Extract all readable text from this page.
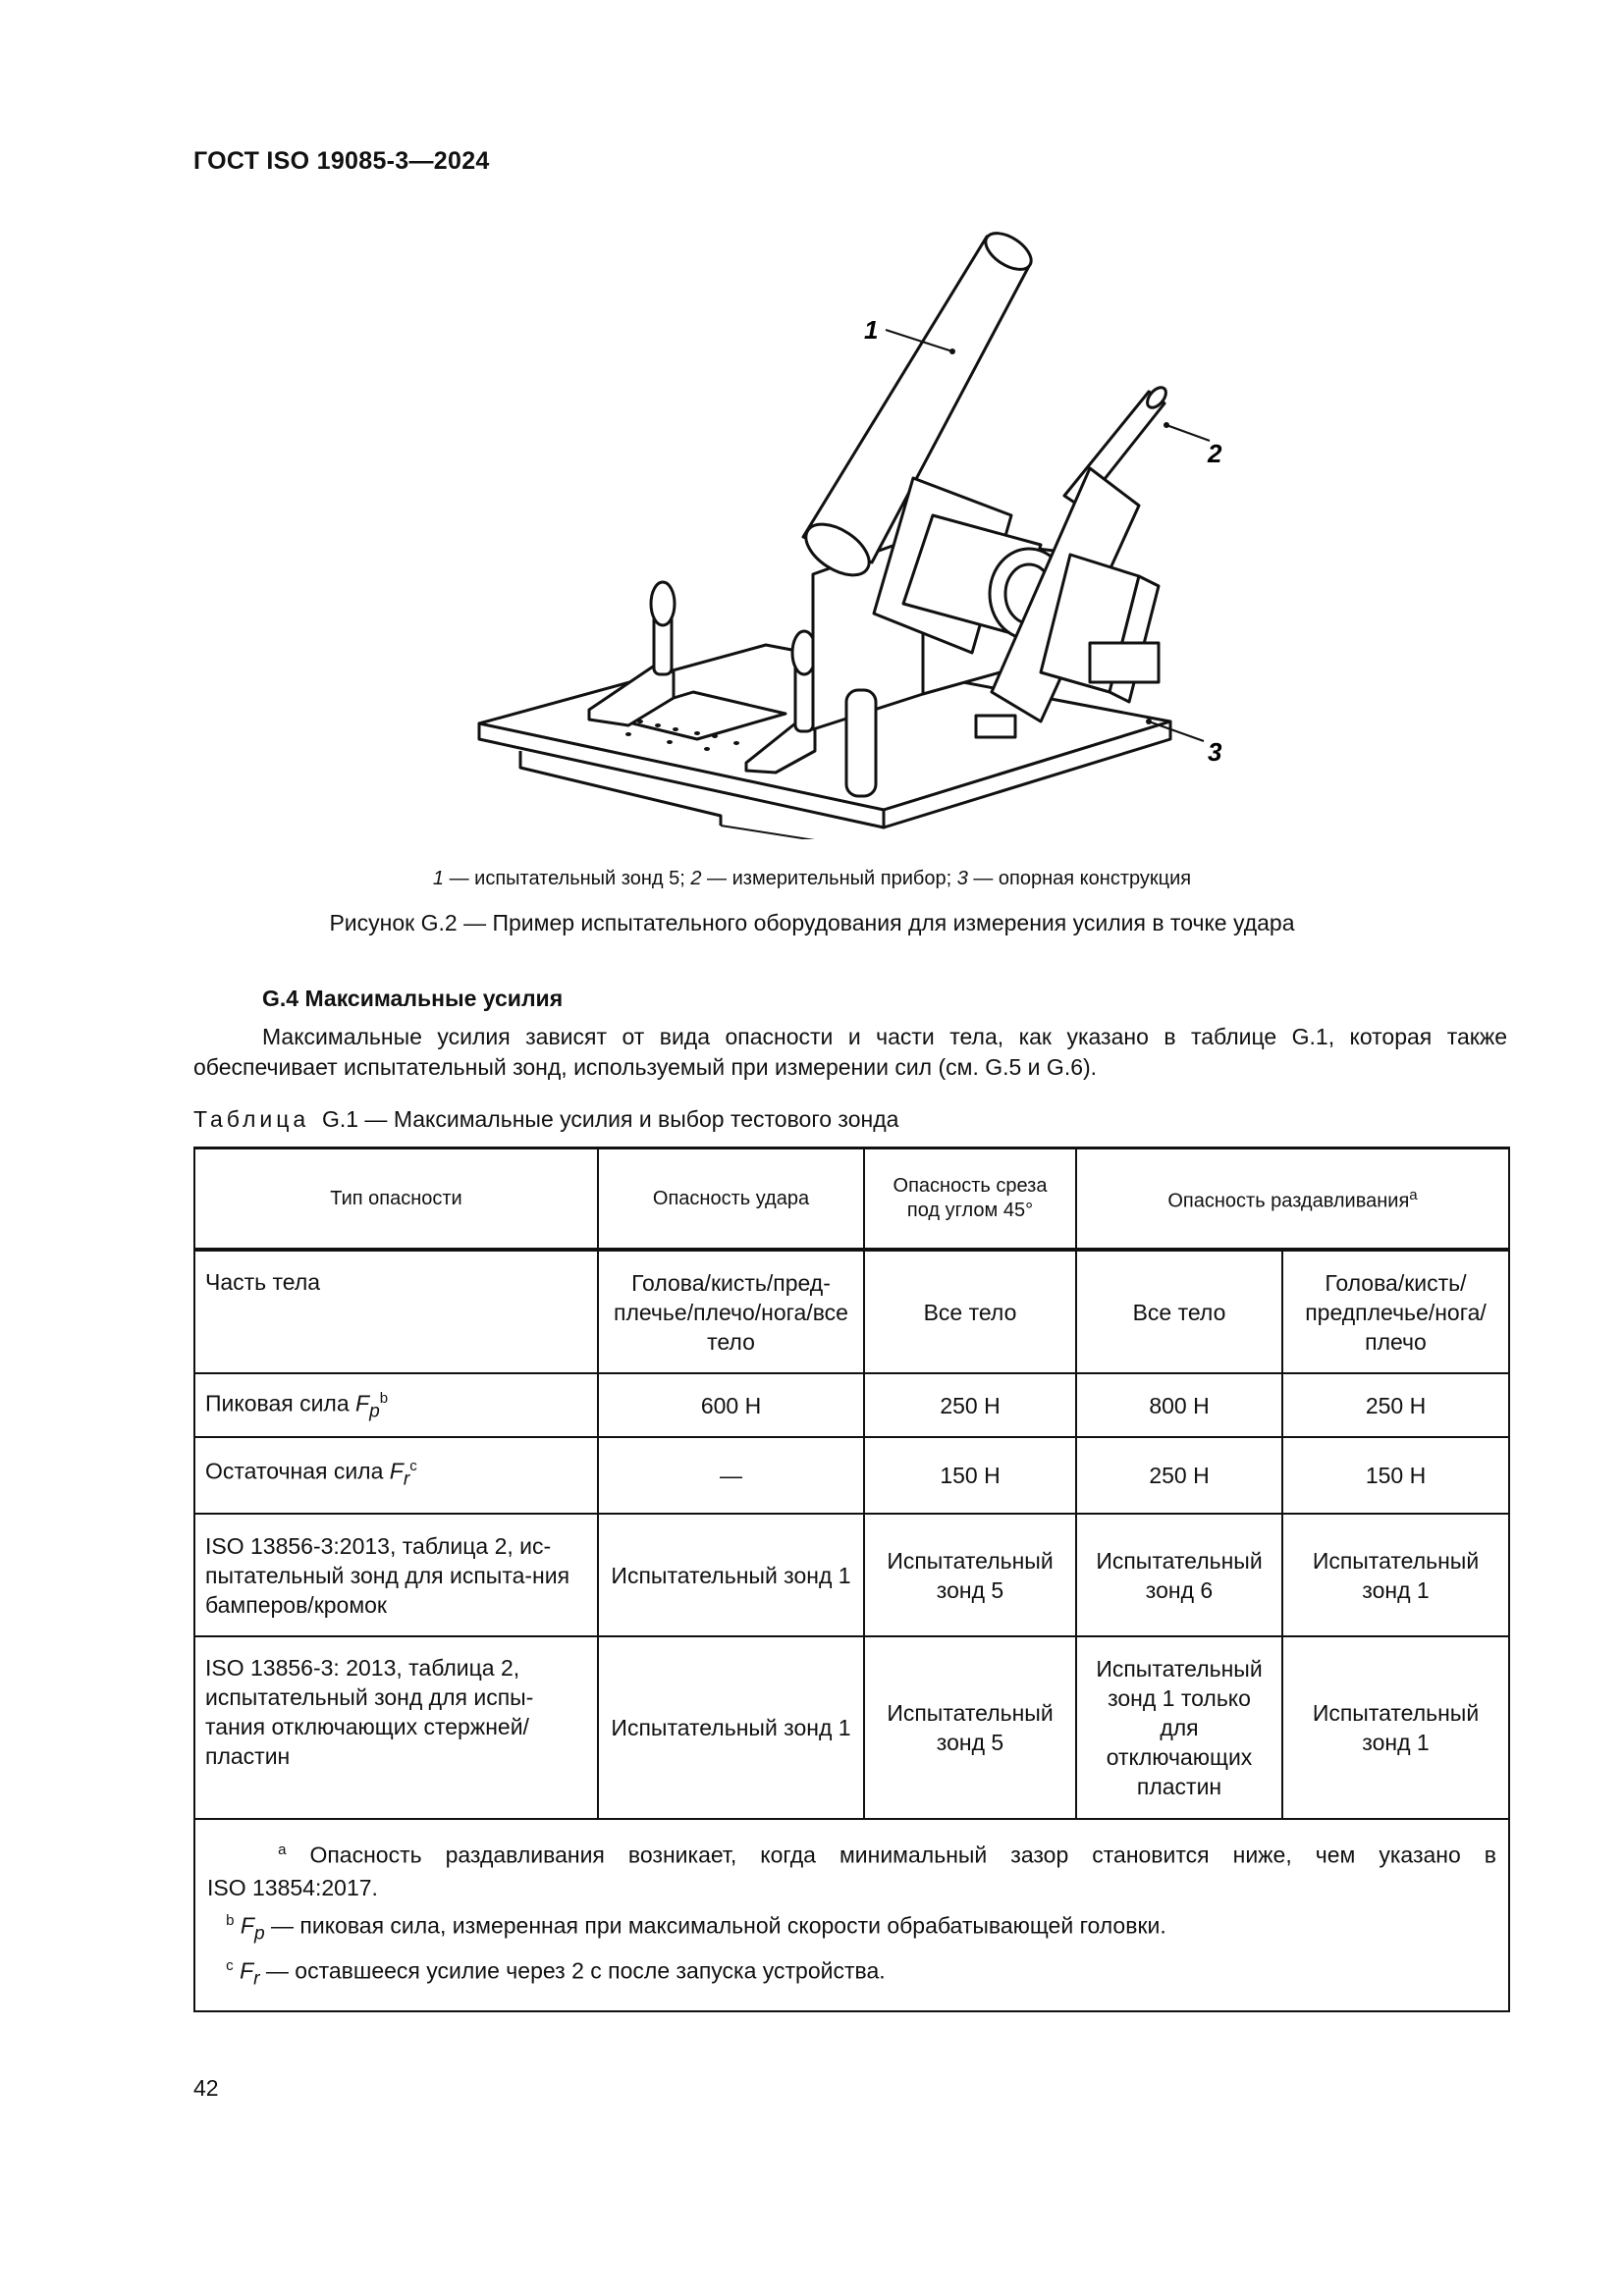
ГОСТ ISO 19085-3—2024
1
2
3
1 — испытательный зонд 5; 2 — измерительный прибор; 3 — опорная конструкция
Рисунок G.2 — Пример испытательного оборудования для измерения усилия в точке удара
G.4 Максимальные усилия
Максимальные усилия зависят от вида опасности и части тела, как указано в таблице G.1, которая также
обеспечивает испытательный зонд, используемый при измерении сил (см. G.5 и G.6).
Таблица G.1 — Максимальные усилия и выбор тестового зонда
Тип опасности	Опасность удара	Опасность среза под углом 45°	Опасность раздавливания$^a$

Часть тела	Голова/кисть/пред-плечье/плечо/нога/все тело	Все тело	Все тело	Голова/кисть/предплечье/нога/плечо
Пиковая сила $F_p^b$	600 Н	250 Н	800 Н	250 Н
Остаточная сила $F_r^c$	—	150 Н	250 Н	150 Н
ISO 13856-3:2013, таблица 2, ис-пытательный зонд для испыта-ния бамперов/кромок	Испытательный зонд 1	Испытательный зонд 5	Испытательный зонд 6	Испытательный зонд 1
ISO 13856-3: 2013, таблица 2, испытательный зонд для испы-тания отключающих стержней/пластин	Испытательный зонд 1	Испытательный зонд 5	Испытательный зонд 1 только для отключающих пластин	Испытательный зонд 1

$^a$ Опасность раздавливания возникает, когда минимальный зазор становится ниже, чем указано в
ISO 13854:2017.
$^b$ $F_p$ — пиковая сила, измеренная при максимальной скорости обрабатывающей головки.
$^c$ $F_r$ — оставшееся усилие через 2 с после запуска устройства.				
42
